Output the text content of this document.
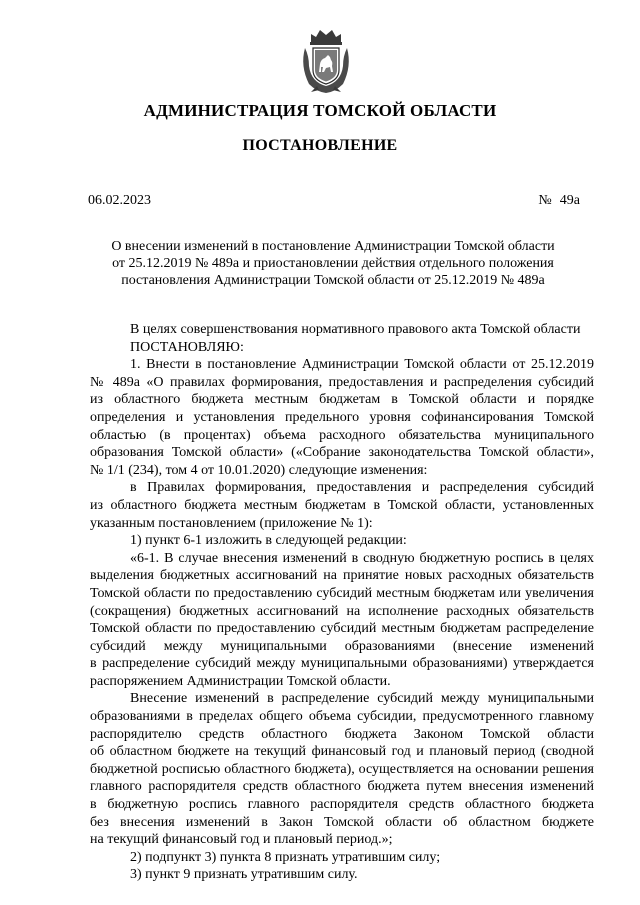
АДМИНИСТРАЦИЯ ТОМСКОЙ ОБЛАСТИ
ПОСТАНОВЛЕНИЕ
06.02.2023	№ 49а
О внесении изменений в постановление Администрации Томской области
от 25.12.2019 № 489а и приостановлении действия отдельного положения
постановления Администрации Томской области от 25.12.2019 № 489а
В целях совершенствования нормативного правового акта Томской области
ПОСТАНОВЛЯЮ:
1. Внести в постановление Администрации Томской области от 25.12.2019
№ 489а «О правилах формирования, предоставления и распределения субсидий
из областного бюджета местным бюджетам в Томской области и порядке
определения и установления предельного уровня софинансирования Томской
областью (в процентах) объема расходного обязательства муниципального
образования Томской области» («Собрание законодательства Томской области»,
№ 1/1 (234), том 4 от 10.01.2020) следующие изменения:
в Правилах формирования, предоставления и распределения субсидий
из областного бюджета местным бюджетам в Томской области, установленных
указанным постановлением (приложение № 1):
1) пункт 6-1 изложить в следующей редакции:
«6-1. В случае внесения изменений в сводную бюджетную роспись в целях
выделения бюджетных ассигнований на принятие новых расходных обязательств
Томской области по предоставлению субсидий местным бюджетам или увеличения
(сокращения) бюджетных ассигнований на исполнение расходных обязательств
Томской области по предоставлению субсидий местным бюджетам распределение
субсидий между муниципальными образованиями (внесение изменений
в распределение субсидий между муниципальными образованиями) утверждается
распоряжением Администрации Томской области.
Внесение изменений в распределение субсидий между муниципальными
образованиями в пределах общего объема субсидии, предусмотренного главному
распорядителю средств областного бюджета Законом Томской области
об областном бюджете на текущий финансовый год и плановый период (сводной
бюджетной росписью областного бюджета), осуществляется на основании решения
главного распорядителя средств областного бюджета путем внесения изменений
в бюджетную роспись главного распорядителя средств областного бюджета
без внесения изменений в Закон Томской области об областном бюджете
на текущий финансовый год и плановый период.»;
2) подпункт 3) пункта 8 признать утратившим силу;
3) пункт 9 признать утратившим силу.
